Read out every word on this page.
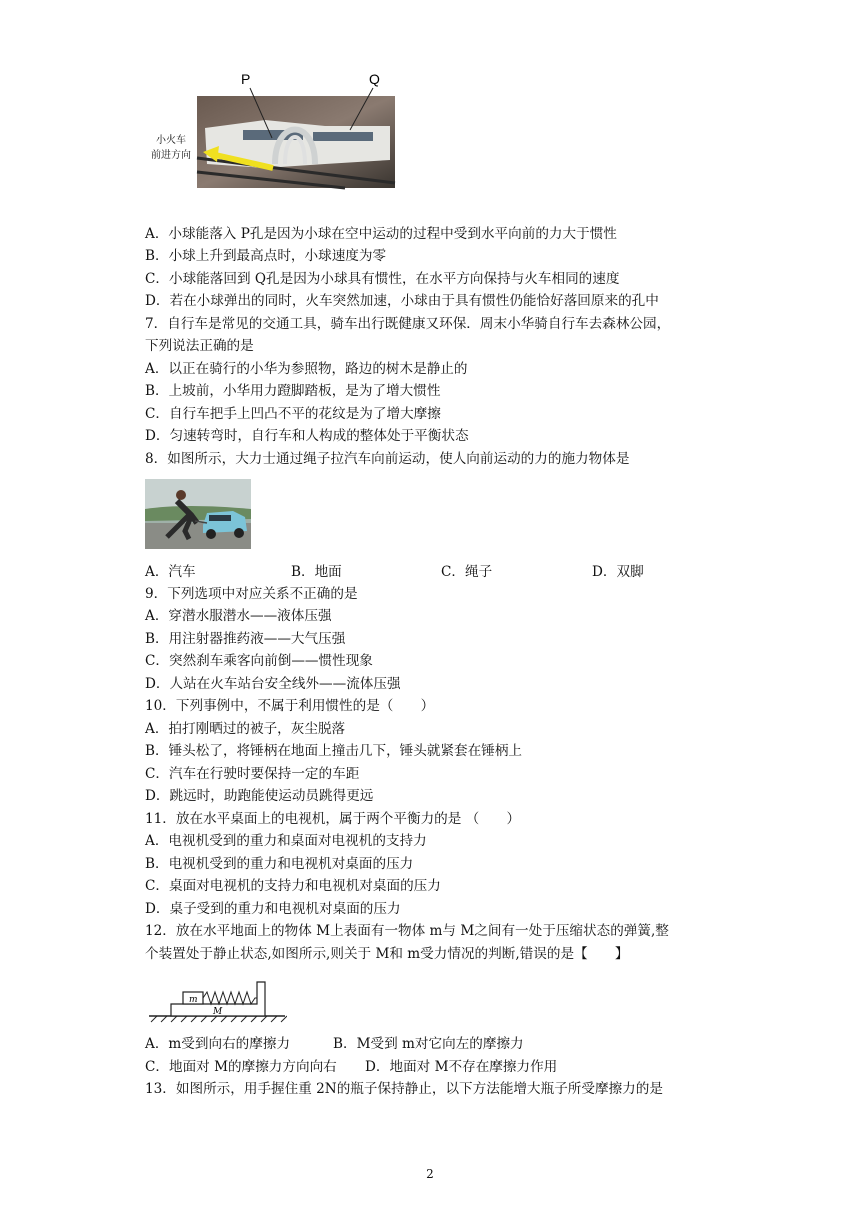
P	Q
小火车
前进方向
A．小球能落入 P孔是因为小球在空中运动的过程中受到水平向前的力大于惯性
B．小球上升到最高点时，小球速度为零
C．小球能落回到 Q孔是因为小球具有惯性，在水平方向保持与火车相同的速度
D．若在小球弹出的同时，火车突然加速，小球由于具有惯性仍能恰好落回原来的孔中
7．自行车是常见的交通工具，骑车出行既健康又环保．周末小华骑自行车去森林公园，
下列说法正确的是
A．以正在骑行的小华为参照物，路边的树木是静止的
B．上坡前，小华用力蹬脚踏板，是为了增大惯性
C．自行车把手上凹凸不平的花纹是为了增大摩擦
D．匀速转弯时，自行车和人构成的整体处于平衡状态
8．如图所示，大力士通过绳子拉汽车向前运动，使人向前运动的力的施力物体是
A．汽车	B．地面	C．绳子	D．双脚
9．下列选项中对应关系不正确的是
A．穿潜水服潜水——液体压强
B．用注射器推药液——大气压强
C．突然刹车乘客向前倒——惯性现象
D．人站在火车站台安全线外——流体压强
10．下列事例中，不属于利用惯性的是（　　）
A．拍打刚晒过的被子，灰尘脱落
B．锤头松了，将锤柄在地面上撞击几下，锤头就紧套在锤柄上
C．汽车在行驶时要保持一定的车距
D．跳远时，助跑能使运动员跳得更远
11．放在水平桌面上的电视机，属于两个平衡力的是 （　　）
A．电视机受到的重力和桌面对电视机的支持力
B．电视机受到的重力和电视机对桌面的压力
C．桌面对电视机的支持力和电视机对桌面的压力
D．桌子受到的重力和电视机对桌面的压力
12．放在水平地面上的物体 M上表面有一物体 m与 M之间有一处于压缩状态的弹簧,整
个装置处于静止状态,如图所示,则关于 M和 m受力情况的判断,错误的是【　　】
m
M
A．m受到向右的摩擦力	B．M受到 m对它向左的摩擦力
C．地面对 M的摩擦力方向向右 D．地面对 M不存在摩擦力作用
13．如图所示，用手握住重 2N的瓶子保持静止，以下方法能增大瓶子所受摩擦力的是
2
